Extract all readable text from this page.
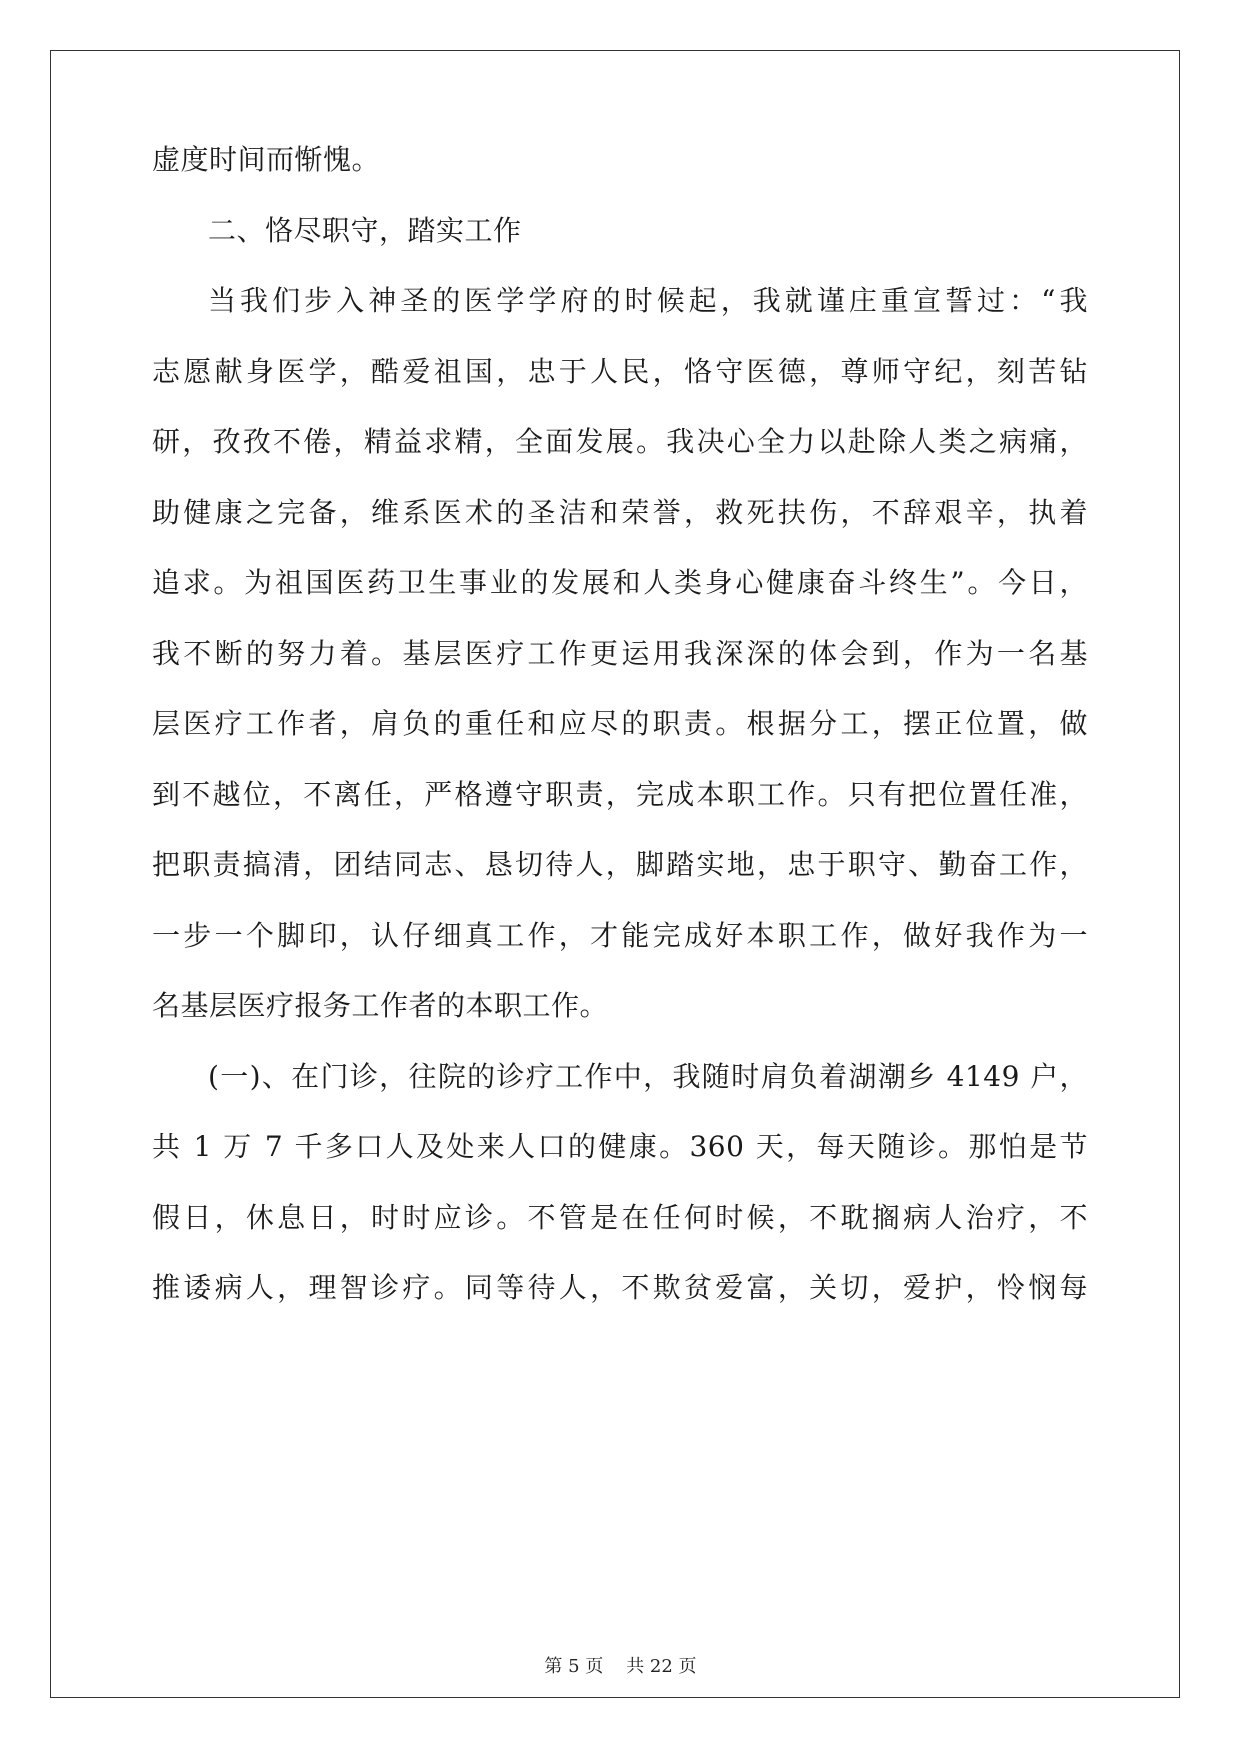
虚度时间而惭愧。
二、恪尽职守，踏实工作
当我们步入神圣的医学学府的时候起，我就谨庄重宣誓过：“我
志愿献身医学，酷爱祖国，忠于人民，恪守医德，尊师守纪，刻苦钻
研，孜孜不倦，精益求精，全面发展。我决心全力以赴除人类之病痛，
助健康之完备，维系医术的圣洁和荣誉，救死扶伤，不辞艰辛，执着
追求。为祖国医药卫生事业的发展和人类身心健康奋斗终生”。今日，
我不断的努力着。基层医疗工作更运用我深深的体会到，作为一名基
层医疗工作者，肩负的重任和应尽的职责。根据分工，摆正位置，做
到不越位，不离任，严格遵守职责，完成本职工作。只有把位置任准，
把职责搞清，团结同志、恳切待人，脚踏实地，忠于职守、勤奋工作，
一步一个脚印，认仔细真工作，才能完成好本职工作，做好我作为一
名基层医疗报务工作者的本职工作。
(一)、在门诊，往院的诊疗工作中，我随时肩负着湖潮乡 4149 户，
共 1 万 7 千多口人及处来人口的健康。360 天，每天随诊。那怕是节
假日，休息日，时时应诊。不管是在任何时候，不耽搁病人治疗，不
推诿病人，理智诊疗。同等待人，不欺贫爱富，关切，爱护，怜悯每
第 5 页    共 22 页
